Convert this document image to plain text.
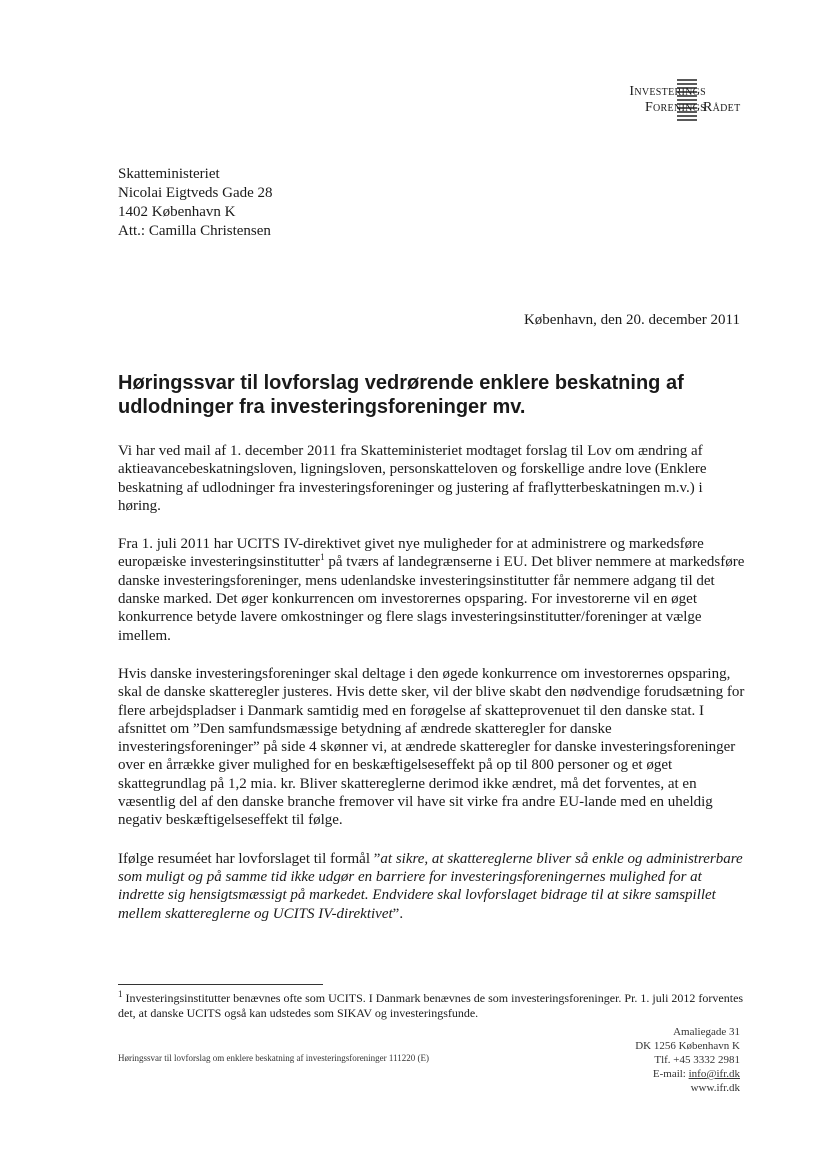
Investerings
Forenings
Rådet
Skatteministeriet
Nicolai Eigtveds Gade 28
1402 København K
Att.: Camilla Christensen
København, den 20. december 2011
Høringssvar til lovforslag vedrørende enklere beskatning af udlodninger fra investeringsforeninger mv.

Vi har ved mail af 1. december 2011 fra Skatteministeriet modtaget forslag til Lov om ændring af aktieavancebeskatningsloven, ligningsloven, personskatteloven og forskellige andre love (Enklere beskatning af udlodninger fra investeringsforeninger og justering af fraflytterbeskatningen m.v.) i høring.

Fra 1. juli 2011 har UCITS IV-direktivet givet nye muligheder for at administrere og markedsføre europæiske investeringsinstitutter$^1$ på tværs af landegrænserne i EU. Det bliver nemmere at markedsføre danske investeringsforeninger, mens udenlandske investeringsinstitutter får nemmere adgang til det danske marked. Det øger konkurrencen om investorernes opsparing. For investorerne vil en øget konkurrence betyde lavere omkostninger og flere slags investeringsinstitutter/foreninger at vælge imellem.

Hvis danske investeringsforeninger skal deltage i den øgede konkurrence om investorernes opsparing, skal de danske skatteregler justeres. Hvis dette sker, vil der blive skabt den nødvendige forudsætning for flere arbejdspladser i Danmark samtidig med en forøgelse af skatteprovenuet til den danske stat. I afsnittet om ”Den samfundsmæssige betydning af ændrede skatteregler for danske investeringsforeninger” på side 4 skønner vi, at ændrede skatteregler for danske investeringsforeninger over en årrække giver mulighed for en beskæftigelseseffekt på op til 800 personer og et øget skattegrundlag på 1,2 mia. kr. Bliver skattereglerne derimod ikke ændret, må det forventes, at en væsentlig del af den danske branche fremover vil have sit virke fra andre EU-lande med en uheldig negativ beskæftigelseseffekt til følge.

Ifølge resuméet har lovforslaget til formål ”at sikre, at skattereglerne bliver så enkle og administrerbare som muligt og på samme tid ikke udgør en barriere for investeringsforeningernes mulighed for at indrette sig hensigtsmæssigt på markedet. Endvidere skal lovforslaget bidrage til at sikre samspillet mellem skattereglerne og UCITS IV-direktivet”.

$^1$ Investeringsinstitutter benævnes ofte som UCITS. I Danmark benævnes de som investeringsforeninger. Pr. 1. juli 2012 forventes det, at danske UCITS også kan udstedes som SIKAV og investeringsfunde.
Amaliegade 31
DK 1256 København K
Tlf. +45 3332 2981
E-mail: info@ifr.dk
www.ifr.dk
Høringssvar til lovforslag om enklere beskatning af investeringsforeninger 111220 (E)
